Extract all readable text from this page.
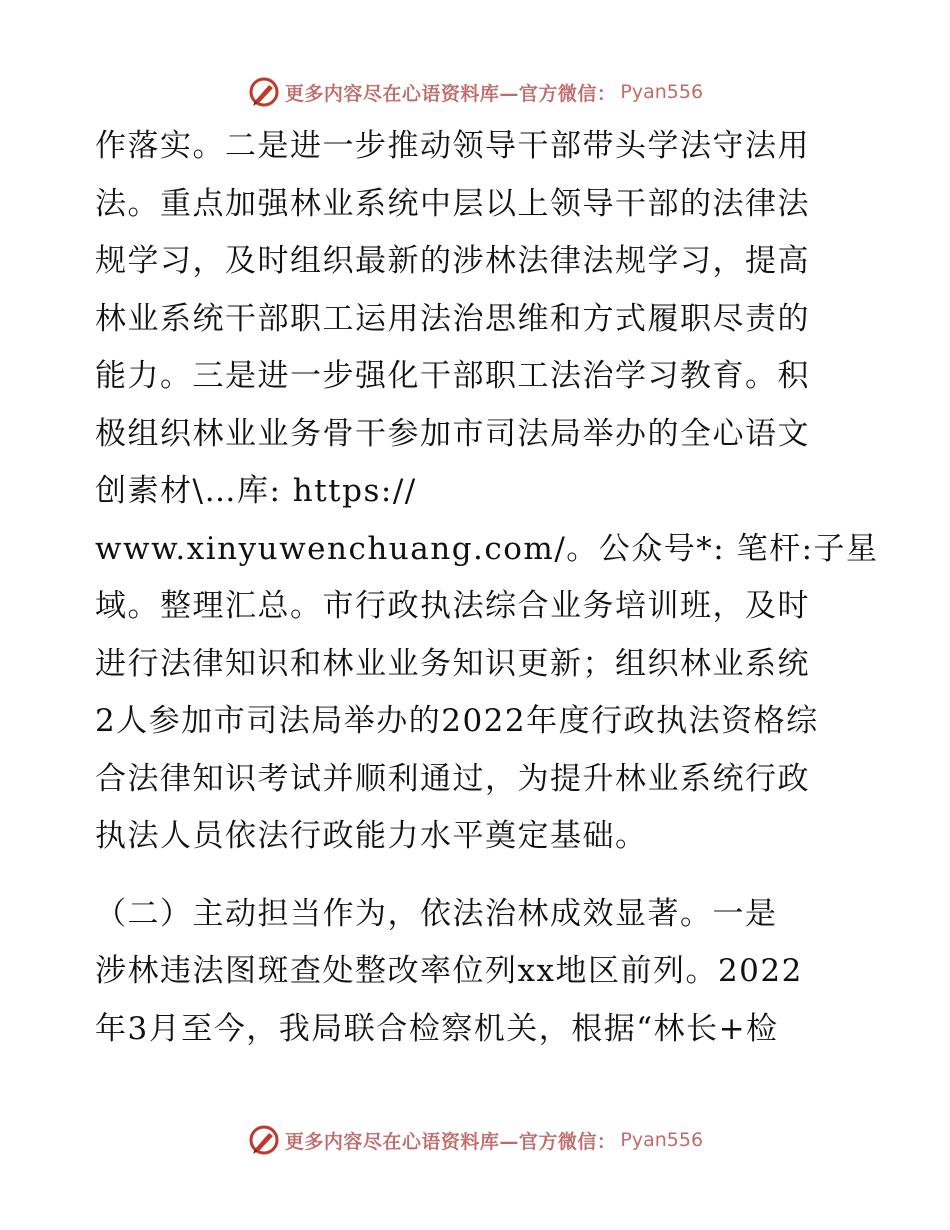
更多内容尽在心语资料库—官方微信： Pyan556
作落实。二是进一步推动领导干部带头学法守法用
法。重点加强林业系统中层以上领导干部的法律法
规学习，及时组织最新的涉林法律法规学习，提高
林业系统干部职工运用法治思维和方式履职尽责的
能力。三是进一步强化干部职工法治学习教育。积
极组织林业业务骨干参加市司法局举办的全心语文
创素材\…库: https://
www.xinyuwenchuang.com/。公众号*: 笔杆:子星
域。整理汇总。市行政执法综合业务培训班，及时
进行法律知识和林业业务知识更新；组织林业系统
2人参加市司法局举办的2022年度行政执法资格综
合法律知识考试并顺利通过，为提升林业系统行政
执法人员依法行政能力水平奠定基础。
（二）主动担当作为，依法治林成效显著。一是
涉林违法图斑查处整改率位列xx地区前列。2022
年3月至今，我局联合检察机关，根据“林长+检
更多内容尽在心语资料库—官方微信： Pyan556
